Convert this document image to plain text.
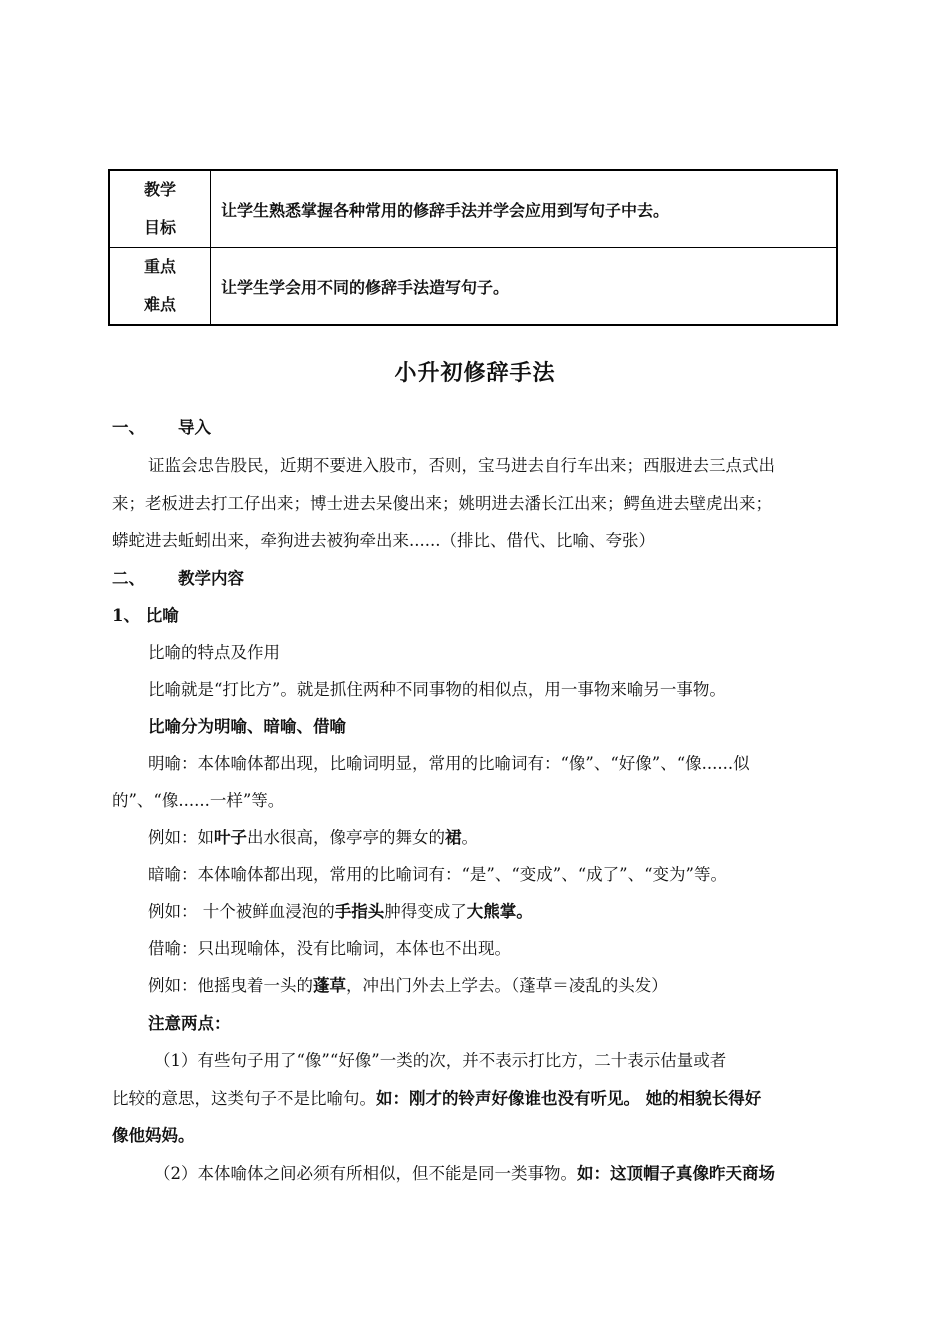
教学
目标	让学生熟悉掌握各种常用的修辞手法并学会应用到写句子中去。
重点
难点	让学生学会用不同的修辞手法造写句子。
小升初修辞手法
一、 导入
证监会忠告股民，近期不要进入股市，否则，宝马进去自行车出来；西服进去三点式出
来；老板进去打工仔出来；博士进去呆傻出来；姚明进去潘长江出来；鳄鱼进去壁虎出来；
蟒蛇进去蚯蚓出来，牵狗进去被狗牵出来......（排比、借代、比喻、夸张）
二、 教学内容
1、 比喻
比喻的特点及作用
比喻就是“打比方”。就是抓住两种不同事物的相似点，用一事物来喻另一事物。
比喻分为明喻、暗喻、借喻
明喻：本体喻体都出现，比喻词明显，常用的比喻词有：“像”、“好像”、“像......似
的”、“像......一样”等。
例如：如叶子出水很高，像亭亭的舞女的裙。
暗喻：本体喻体都出现，常用的比喻词有：“是”、“变成”、“成了”、“变为”等。
例如： 十个被鲜血浸泡的手指头肿得变成了大熊掌。
借喻：只出现喻体，没有比喻词，本体也不出现。
例如：他摇曳着一头的蓬草，冲出门外去上学去。（蓬草＝凌乱的头发）
注意两点：
（1）有些句子用了“像”“好像”一类的次，并不表示打比方，二十表示估量或者
比较的意思，这类句子不是比喻句。如：刚才的铃声好像谁也没有听见。 她的相貌长得好
像他妈妈。
（2）本体喻体之间必须有所相似，但不能是同一类事物。如：这顶帽子真像昨天商场
